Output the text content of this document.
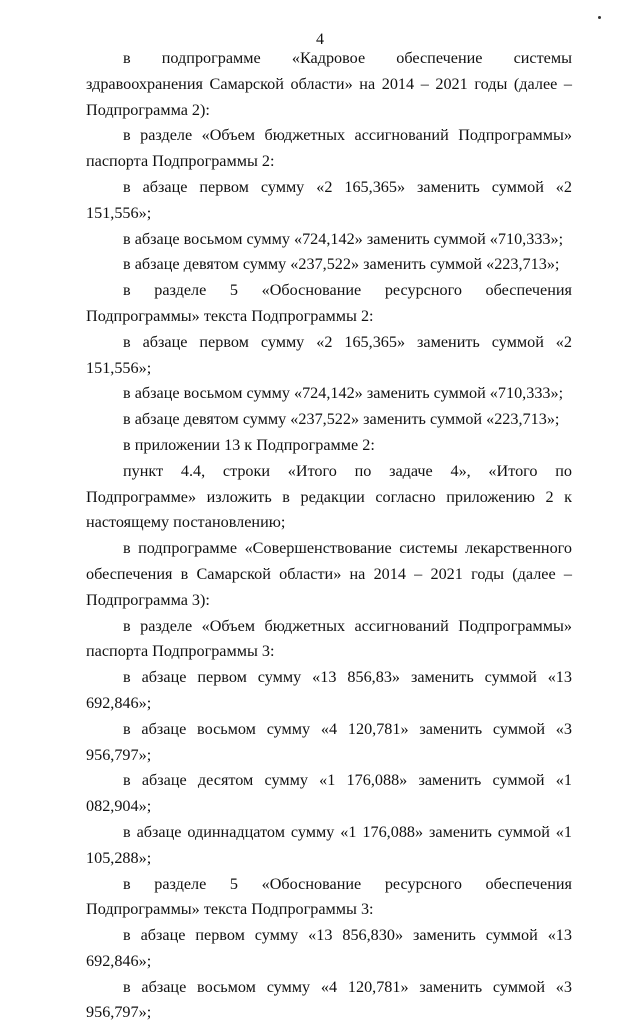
4

в подпрограмме «Кадровое обеспечение системы здравоохранения Самарской области» на 2014 – 2021 годы (далее – Подпрограмма 2):

в разделе «Объем бюджетных ассигнований Подпрограммы» паспорта Подпрограммы 2:

в абзаце первом сумму «2 165,365» заменить суммой «2 151,556»;

в абзаце восьмом сумму «724,142» заменить суммой «710,333»;

в абзаце девятом сумму «237,522» заменить суммой «223,713»;

в разделе 5 «Обоснование ресурсного обеспечения Подпрограммы» текста Подпрограммы 2:

в абзаце первом сумму «2 165,365» заменить суммой «2 151,556»;

в абзаце восьмом сумму «724,142» заменить суммой «710,333»;

в абзаце девятом сумму «237,522» заменить суммой «223,713»;

в приложении 13 к Подпрограмме 2:

пункт 4.4, строки «Итого по задаче 4», «Итого по Подпрограмме» изложить в редакции согласно приложению 2 к настоящему постановлению;

в подпрограмме «Совершенствование системы лекарственного обеспечения в Самарской области» на 2014 – 2021 годы (далее – Подпрограмма 3):

в разделе «Объем бюджетных ассигнований Подпрограммы» паспорта Подпрограммы 3:

в абзаце первом сумму «13 856,83» заменить суммой «13 692,846»;

в абзаце восьмом сумму «4 120,781» заменить суммой «3 956,797»;

в абзаце десятом сумму «1 176,088» заменить суммой «1 082,904»;

в абзаце одиннадцатом сумму «1 176,088» заменить суммой «1 105,288»;

в разделе 5 «Обоснование ресурсного обеспечения Подпрограммы» текста Подпрограммы 3:

в абзаце первом сумму «13 856,830» заменить суммой «13 692,846»;

в абзаце восьмом сумму «4 120,781» заменить суммой «3 956,797»;
